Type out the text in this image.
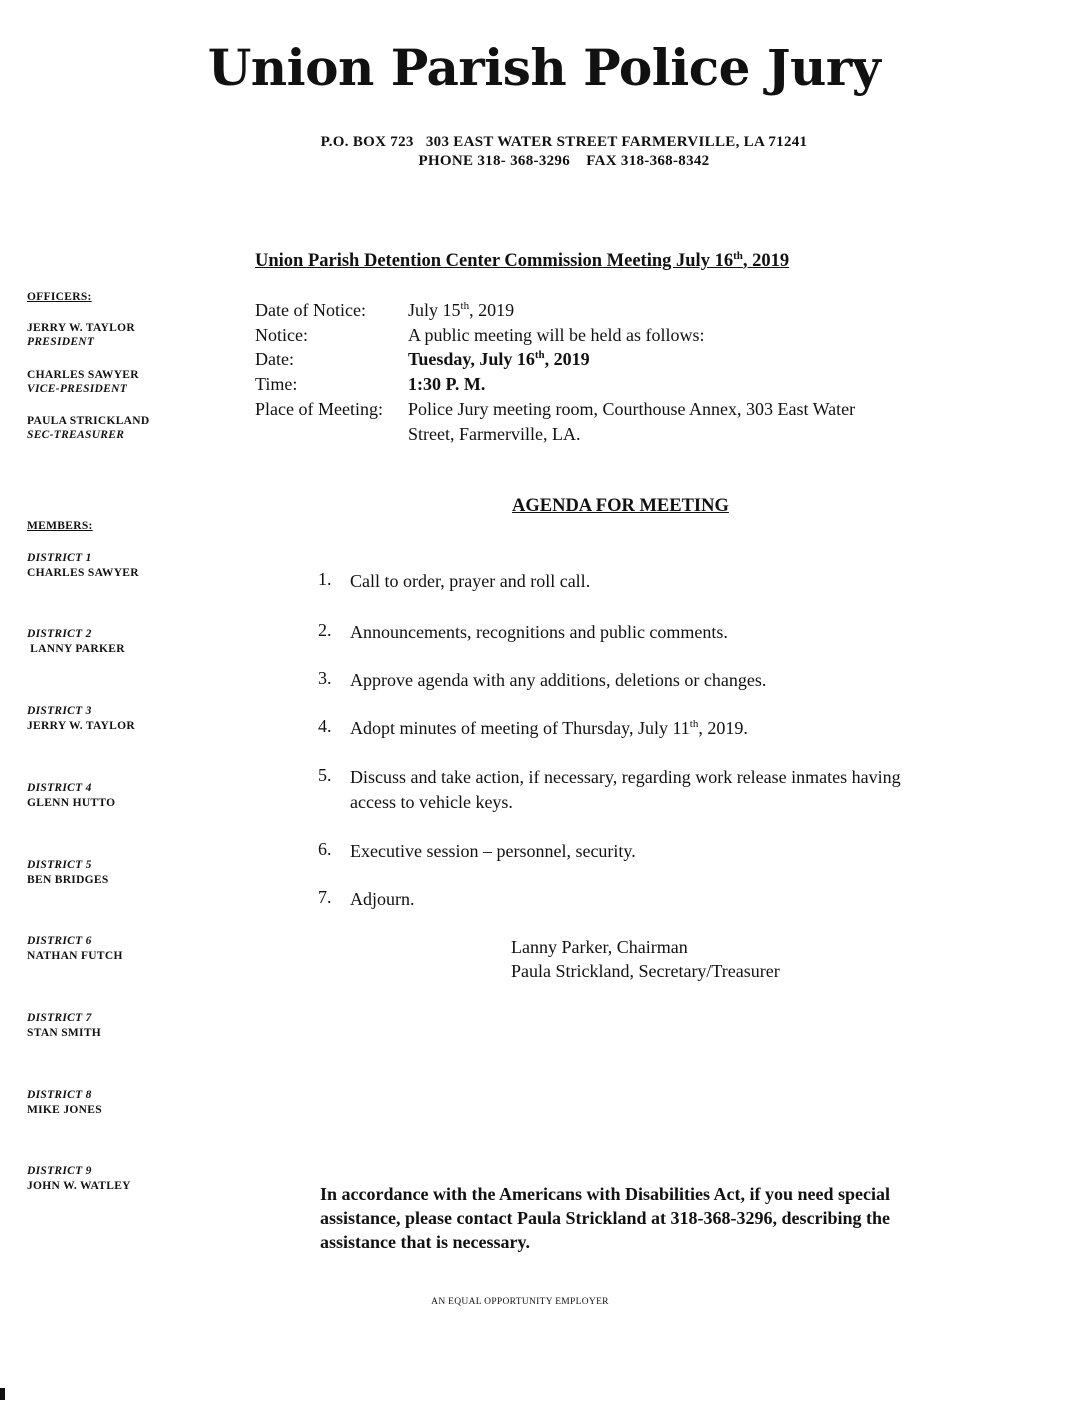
Union Parish Police Jury
P.O. BOX 723   303 EAST WATER STREET FARMERVILLE, LA 71241
PHONE 318- 368-3296    FAX 318-368-8342
Union Parish Detention Center Commission Meeting July 16th, 2019
OFFICERS:
JERRY W. TAYLOR
PRESIDENT
CHARLES SAWYER
VICE-PRESIDENT
PAULA STRICKLAND
SEC-TREASURER
MEMBERS:
DISTRICT 1
CHARLES SAWYER
DISTRICT 2
LANNY PARKER
DISTRICT 3
JERRY W. TAYLOR
DISTRICT 4
GLENN HUTTO
DISTRICT 5
BEN BRIDGES
DISTRICT 6
NATHAN FUTCH
DISTRICT 7
STAN SMITH
DISTRICT 8
MIKE JONES
DISTRICT 9
JOHN W. WATLEY
Date of Notice: July 15th, 2019
Notice:	A public meeting will be held as follows:
Date:	Tuesday, July 16th, 2019
Time:	1:30 P. M.
Place of Meeting: Police Jury meeting room, Courthouse Annex, 303 East Water
Street, Farmerville, LA.
AGENDA FOR MEETING
1. Call to order, prayer and roll call.
2. Announcements, recognitions and public comments.
3. Approve agenda with any additions, deletions or changes.
4. Adopt minutes of meeting of Thursday, July 11th, 2019.
5. Discuss and take action, if necessary, regarding work release inmates having access to vehicle keys.
6. Executive session – personnel, security.
7. Adjourn.
Lanny Parker, Chairman
Paula Strickland, Secretary/Treasurer
In accordance with the Americans with Disabilities Act, if you need special assistance, please contact Paula Strickland at 318-368-3296, describing the assistance that is necessary.
AN EQUAL OPPORTUNITY EMPLOYER
